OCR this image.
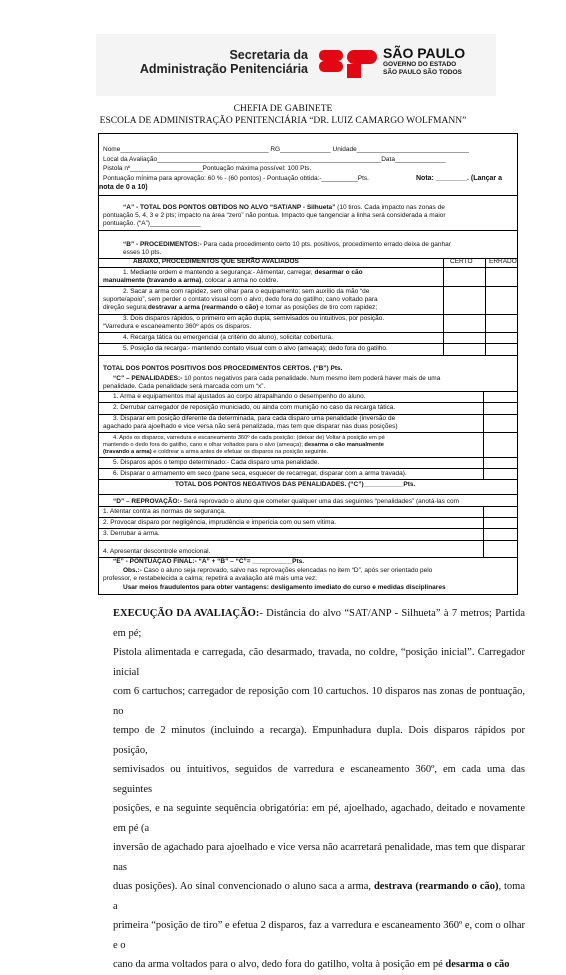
Secretaria da
Administração Penitenciária
SÃO PAULO
GOVERNO DO ESTADO
SÃO PAULO SÃO TODOS
CHEFIA DE GABINETE
ESCOLA DE ADMINISTRAÇÃO PENITENCIÁRIA “DR. LUIZ CAMARGO WOLFMANN”
Nome_________________________________________ RG______________ Unidade_______________________________
Local da Avaliação______________________________________________________________Data______________
Pistola nº____________________Pontuação máxima possível: 100 Pts.
Pontuação mínima para aprovação: 60 % - (60 pontos) - Pontuação obtida:-__________Pts.	Nota: ________. (Lançar a
nota de 0 a 10)
“A” - TOTAL DOS PONTOS OBTIDOS NO ALVO “SAT/ANP - Silhueta” (10 tiros. Cada impacto nas zonas de
pontuação 5, 4, 3 e 2 pts; impacto na área “zero” não pontua. Impacto que tangenciar a linha será considerada a maior
pontuação. (“A”)______________
“B” - PROCEDIMENTOS:- Para cada procedimento certo 10 pts. positivos, procedimento errado deixa de ganhar
esses 10 pts.
ABAIXO, PROCEDIMENTOS QUE SERÃO AVALIADOS	CERTO	ERRADO
1. Mediante ordem e mantendo a segurança:- Alimentar, carregar, desarmar o cão
manualmente (travando a arma), colocar a arma no coldre.
2. Sacar a arma com rapidez, sem olhar para o equipamento; sem auxílio da mão “de
suporte/apoio”, sem perder o contato visual com o alvo; dedo fora do gatilho; cano voltado para
direção segura;destravar a arma (rearmando o cão) e tomar as posições de tiro com rapidez;
3. Dois disparos rápidos, o primeiro em ação dupla, semivisados ou intuitivos, por posição.
“Varredura e escaneamento 360º após os disparos.
4. Recarga tática ou emergencial (a critério do aluno), solicitar cobertura.
5. Posição da recarga:- mantendo contato visual com o alvo (ameaça); dedo fora do gatilho.
TOTAL DOS PONTOS POSITIVOS DOS PROCEDIMENTOS CERTOS. (“B”) Pts.
“C” – PENALIDADES:- 10 pontos negativos para cada penalidade. Num mesmo item poderá haver mais de uma
penalidade. Cada penalidade será marcada com um “x”.
1. Arma e equipamentos mal ajustados ao corpo atrapalhando o desempenho do aluno.
2. Derrubar carregador de reposição municiado, ou ainda com munição no caso da recarga tática.
3. Disparar em posição diferente da determinada, para cada disparo uma penalidade (inversão de
agachado para ajoelhado e vice versa não será penalizada, mas tem que disparar nas duas posições)
4. Após os disparos, varredura e escaneamento 360º de cada posição: (deixar de) Voltar à posição em pé
mantendo o dedo fora do gatilho, cano e olhar voltados para o alvo (ameaça); desarma o cão manualmente
(travando a arma) e coldrear a arma antes de efetuar os disparos na posição seguinte.
5. Disparos após o tempo determinado:- Cada disparo uma penalidade.
6. Disparar o armamento em seco (pane seca, esquecer de recarregar, disparar com a arma travada).
TOTAL DOS PONTOS NEGATIVOS DAS PENALIDADES. (“C”)___________Pts.
“D” – REPROVAÇÃO:- Será reprovado o aluno que cometer qualquer uma das seguintes “penalidades” (anotá-las com
1. Atentar contra as normas de segurança.
2. Provocar disparo por negligência, imprudência e imperícia com ou sem vítima.
3. Derrubar a arma.
4. Apresentar descontrole emocional.
“E” - PONTUAÇÃO FINAL:- “A” + “B” – “C”= ___________Pts.
Obs.:- Caso o aluno seja reprovado, salvo nas reprovações elencadas no item “D”, após ser orientado pelo
professor, e restabelecida a calma; repetirá a avaliação até mais uma vez;
Usar meios fraudulentos para obter vantagens: desligamento imediato do curso e medidas disciplinares
EXECUÇÃO DA AVALIAÇÃO:- Distância do alvo “SAT/ANP - Silhueta” à 7 metros; Partida em pé;
Pistola alimentada e carregada, cão desarmado, travada, no coldre, “posição inicial”. Carregador inicial
com 6 cartuchos; carregador de reposição com 10 cartuchos. 10 disparos nas zonas de pontuação, no
tempo de 2 minutos (incluindo a recarga). Empunhadura dupla. Dois disparos rápidos por posição,
semivisados ou intuitivos, seguidos de varredura e escaneamento 360º, em cada uma das seguintes
posições, e na seguinte sequência obrigatória: em pé, ajoelhado, agachado, deitado e novamente em pé (a
inversão de agachado para ajoelhado e vice versa não acarretará penalidade, mas tem que disparar nas
duas posições). Ao sinal convencionado o aluno saca a arma, destrava (rearmando o cão), toma a
primeira “posição de tiro” e efetua 2 disparos, faz a varredura e escaneamento 360º e, com o olhar e o
cano da arma voltados para o alvo, dedo fora do gatilho, volta à posição em pé desarma o cão
